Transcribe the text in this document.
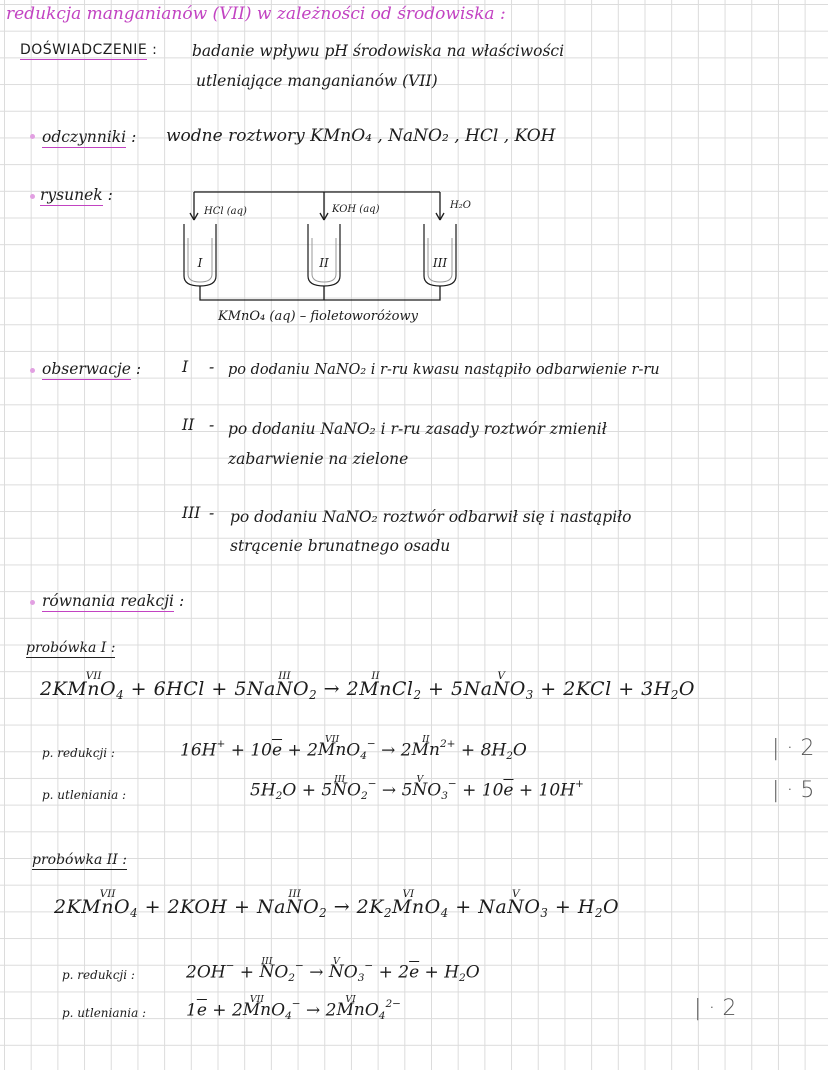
redukcja manganianów (VII) w zależności od środowiska :
DOŚWIADCZENIE : badanie wpływu pH środowiska na właściwości
utleniające manganianów (VII)
odczynniki : wodne roztwory KMnO₄ , NaNO₂ , HCl , KOH
rysunek :
HCl (aq)	KOH (aq)	H₂O
I	II	III
KMnO₄ (aq) – fioletoworóżowy
obserwacje :	I - po dodaniu NaNO₂ i r-ru kwasu nastąpiło odbarwienie r-ru
II - po dodaniu NaNO₂ i r-ru zasady roztwór zmienił
zabarwienie na zielone
III - po dodaniu NaNO₂ roztwór odbarwił się i nastąpiło
strącenie brunatnego osadu
równania reakcji :
probówka I :
2KMVII $nO_4 + 6HCl$ + 5NaIII $NO_2 \to 2II$ MnCl$_2$ + 5NaV $NO_3 + 2KCl + 3H_2O$
p. redukcji :	$16H^+ + 10\overline{e} + 2VII$ MnO$_4$− → 2II $Mn^{2+} + 8H_2O$	| · 2
p. utleniania :	$5H_2O + 5III$ $NO_2^- \to 5V$ $NO_3^- + 10\overline{e} + 10H^+$	| · 5
probówka II :
2KMVII $nO_4 + 2KOH$ + NaIII $NO_2 \to 2K_2VI$ MnO$_4$ + NaV $NO_3 + H_2O$
p. redukcji :	2OH− + III $NO_2^- \to V$ $NO_3^- + 2\overline{e} + H_2O$
p. utleniania : $1\overline{e} + 2VII$ MnO$_4$− → 2VI MnO$_4^{2-}$	| · 2
